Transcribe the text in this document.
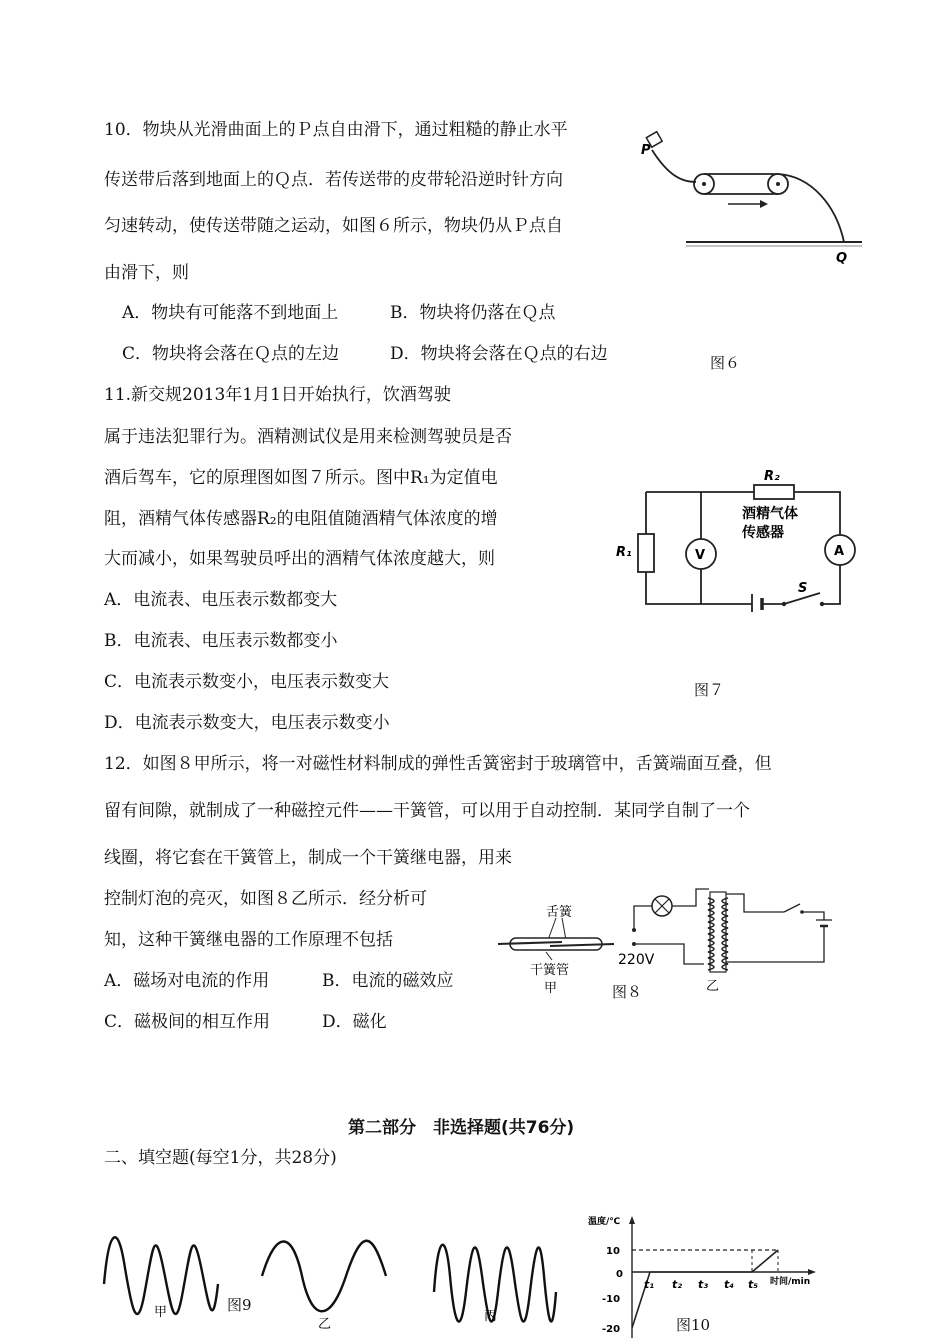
10．物块从光滑曲面上的Ｐ点自由滑下，通过粗糙的静止水平
传送带后落到地面上的Ｑ点．若传送带的皮带轮沿逆时针方向
匀速转动，使传送带随之运动，如图６所示，物块仍从Ｐ点自
由滑下，则
A．物块有可能落不到地面上	B．物块将仍落在Ｑ点
C．物块将会落在Ｑ点的左边	D．物块将会落在Ｑ点的右边
P
Q
图６
11.新交规2013年1月1日开始执行，饮酒驾驶
属于违法犯罪行为。酒精测试仪是用来检测驾驶员是否
酒后驾车，它的原理图如图７所示。图中R₁为定值电
阻，酒精气体传感器R₂的电阻值随酒精气体浓度的增
大而减小，如果驾驶员呼出的酒精气体浓度越大，则
A．电流表、电压表示数都变大
B．电流表、电压表示数都变小
C．电流表示数变小，电压表示数变大
D．电流表示数变大，电压表示数变小
R₁	V
R₂
酒精气体
传感器
A
S
图７
12．如图８甲所示，将一对磁性材料制成的弹性舌簧密封于玻璃管中，舌簧端面互叠，但
留有间隙，就制成了一种磁控元件——干簧管，可以用于自动控制．某同学自制了一个
线圈，将它套在干簧管上，制成一个干簧继电器，用来
控制灯泡的亮灭，如图８乙所示．经分析可
知，这种干簧继电器的工作原理不包括
A．磁场对电流的作用	B．电流的磁效应
C．磁极间的相互作用	D．磁化
舌簧
干簧管
甲
220V
乙
图８
第二部分　非选择题(共76分)
二、填空题(每空1分，共28分)
甲
乙
丙
图9
温度/℃
时间/min
10
0
-10
-20
t₁ t₂ t₃ t₄ t₅
图10
